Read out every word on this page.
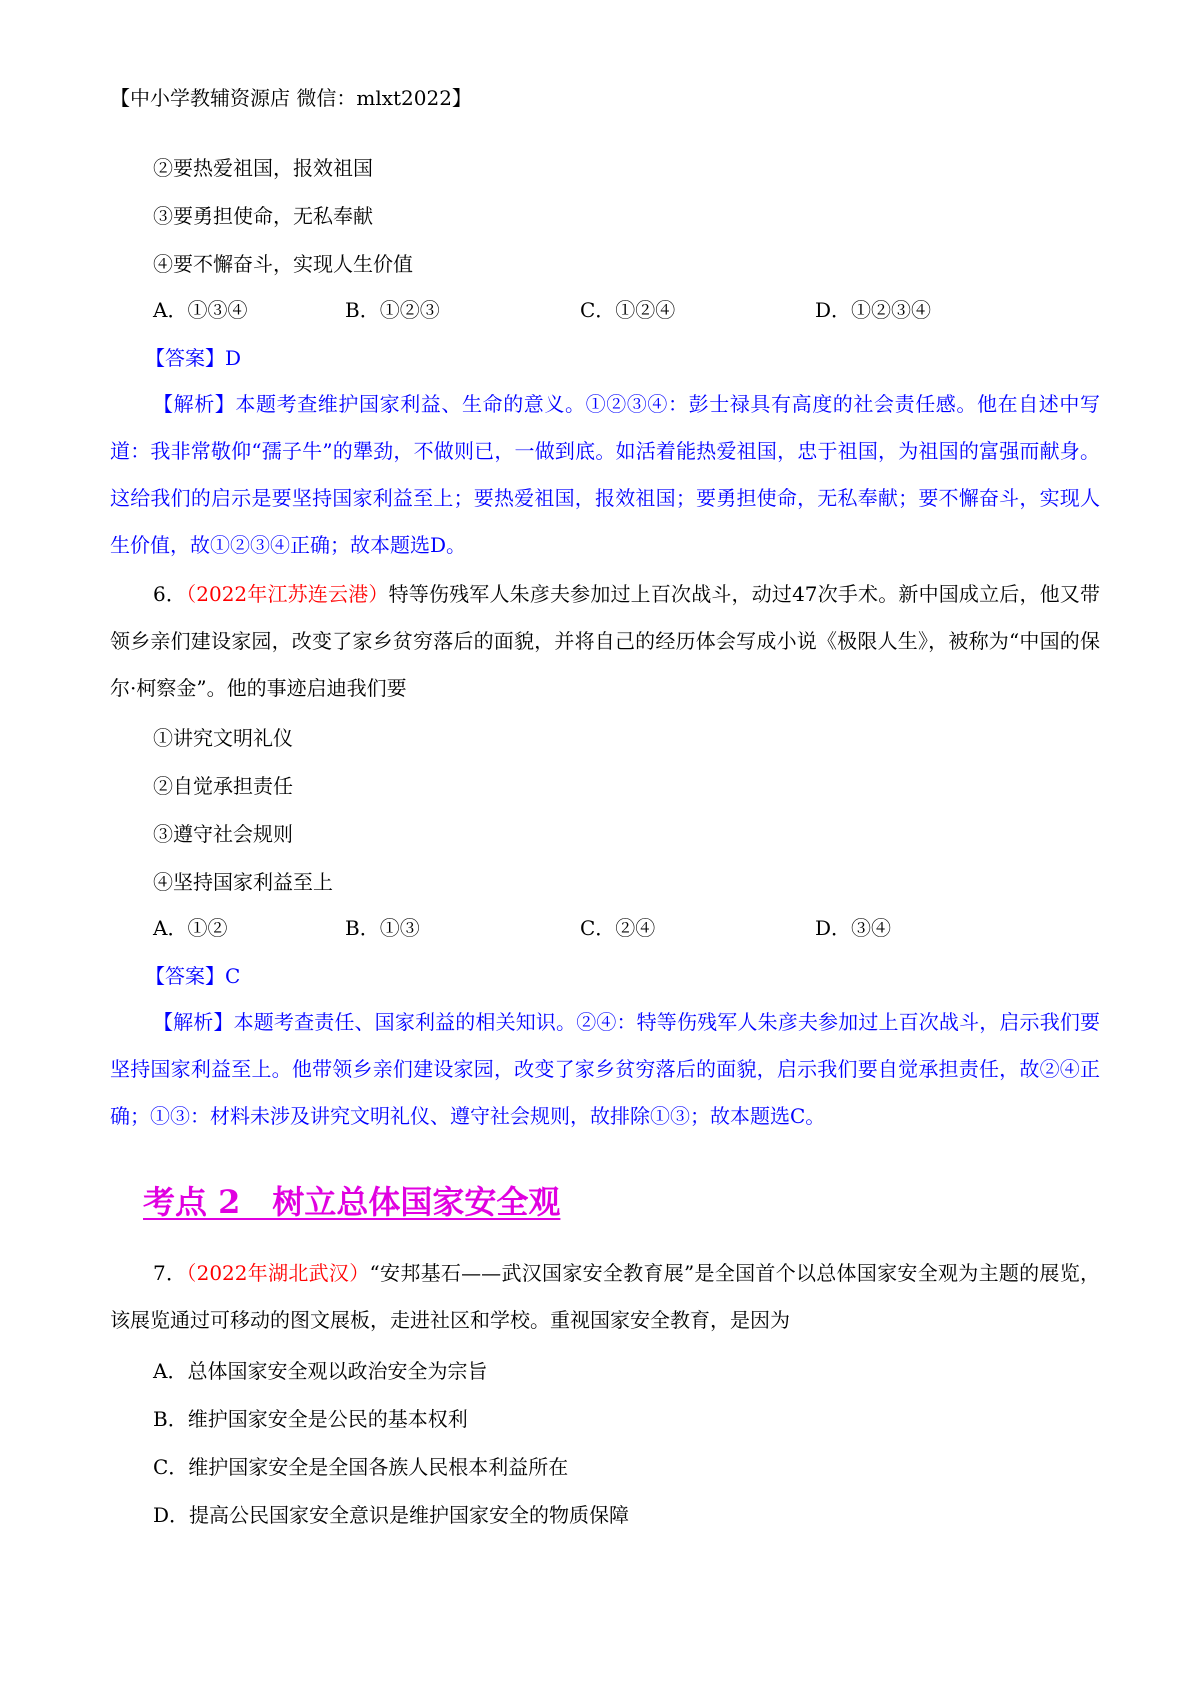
【中小学教辅资源店 微信：mlxt2022】
②要热爱祖国，报效祖国
③要勇担使命，无私奉献
④要不懈奋斗，实现人生价值
A．①③④	B．①②③	C．①②④	D．①②③④
【答案】D
【解析】本题考查维护国家利益、生命的意义。①②③④：彭士禄具有高度的社会责任感。他在自述中写道：我非常敬仰“孺子牛”的犟劲，不做则已，一做到底。如活着能热爱祖国，忠于祖国，为祖国的富强而献身。这给我们的启示是要坚持国家利益至上；要热爱祖国，报效祖国；要勇担使命，无私奉献；要不懈奋斗，实现人生价值，故①②③④正确；故本题选D。
6．（2022年江苏连云港）特等伤残军人朱彦夫参加过上百次战斗，动过47次手术。新中国成立后，他又带领乡亲们建设家园，改变了家乡贫穷落后的面貌，并将自己的经历体会写成小说《极限人生》，被称为“中国的保尔·柯察金”。他的事迹启迪我们要
①讲究文明礼仪
②自觉承担责任
③遵守社会规则
④坚持国家利益至上
A．①②	B．①③	C．②④	D．③④
【答案】C
【解析】本题考查责任、国家利益的相关知识。②④：特等伤残军人朱彦夫参加过上百次战斗，启示我们要坚持国家利益至上。他带领乡亲们建设家园，改变了家乡贫穷落后的面貌，启示我们要自觉承担责任，故②④正确；①③：材料未涉及讲究文明礼仪、遵守社会规则，故排除①③；故本题选C。
考点 2　树立总体国家安全观
7．（2022年湖北武汉）“安邦基石——武汉国家安全教育展”是全国首个以总体国家安全观为主题的展览，该展览通过可移动的图文展板，走进社区和学校。重视国家安全教育，是因为
A．总体国家安全观以政治安全为宗旨
B．维护国家安全是公民的基本权利
C．维护国家安全是全国各族人民根本利益所在
D．提高公民国家安全意识是维护国家安全的物质保障
